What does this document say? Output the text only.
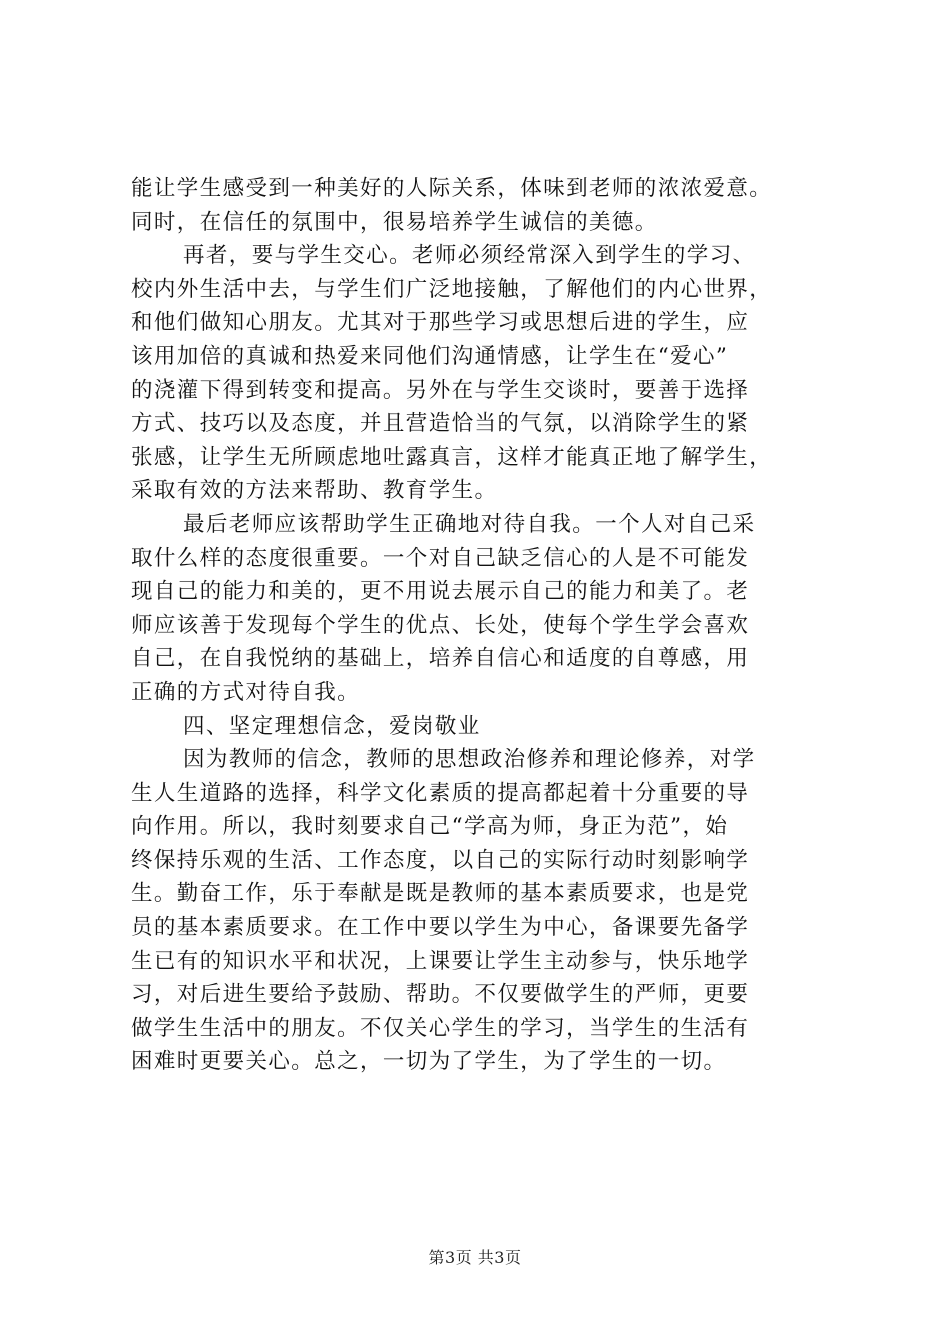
能让学生感受到一种美好的人际关系，体味到老师的浓浓爱意。
同时，在信任的氛围中，很易培养学生诚信的美德。
再者，要与学生交心。老师必须经常深入到学生的学习、
校内外生活中去，与学生们广泛地接触，了解他们的内心世界，
和他们做知心朋友。尤其对于那些学习或思想后进的学生，应
该用加倍的真诚和热爱来同他们沟通情感，让学生在“爱心”
的浇灌下得到转变和提高。另外在与学生交谈时，要善于选择
方式、技巧以及态度，并且营造恰当的气氛，以消除学生的紧
张感，让学生无所顾虑地吐露真言，这样才能真正地了解学生，
采取有效的方法来帮助、教育学生。
最后老师应该帮助学生正确地对待自我。一个人对自己采
取什么样的态度很重要。一个对自己缺乏信心的人是不可能发
现自己的能力和美的，更不用说去展示自己的能力和美了。老
师应该善于发现每个学生的优点、长处，使每个学生学会喜欢
自己，在自我悦纳的基础上，培养自信心和适度的自尊感，用
正确的方式对待自我。
四、坚定理想信念，爱岗敬业
因为教师的信念，教师的思想政治修养和理论修养，对学
生人生道路的选择，科学文化素质的提高都起着十分重要的导
向作用。所以，我时刻要求自己“学高为师，身正为范”，始
终保持乐观的生活、工作态度，以自己的实际行动时刻影响学
生。勤奋工作，乐于奉献是既是教师的基本素质要求，也是党
员的基本素质要求。在工作中要以学生为中心，备课要先备学
生已有的知识水平和状况，上课要让学生主动参与，快乐地学
习，对后进生要给予鼓励、帮助。不仅要做学生的严师，更要
做学生生活中的朋友。不仅关心学生的学习，当学生的生活有
困难时更要关心。总之，一切为了学生，为了学生的一切。
第3页 共3页
